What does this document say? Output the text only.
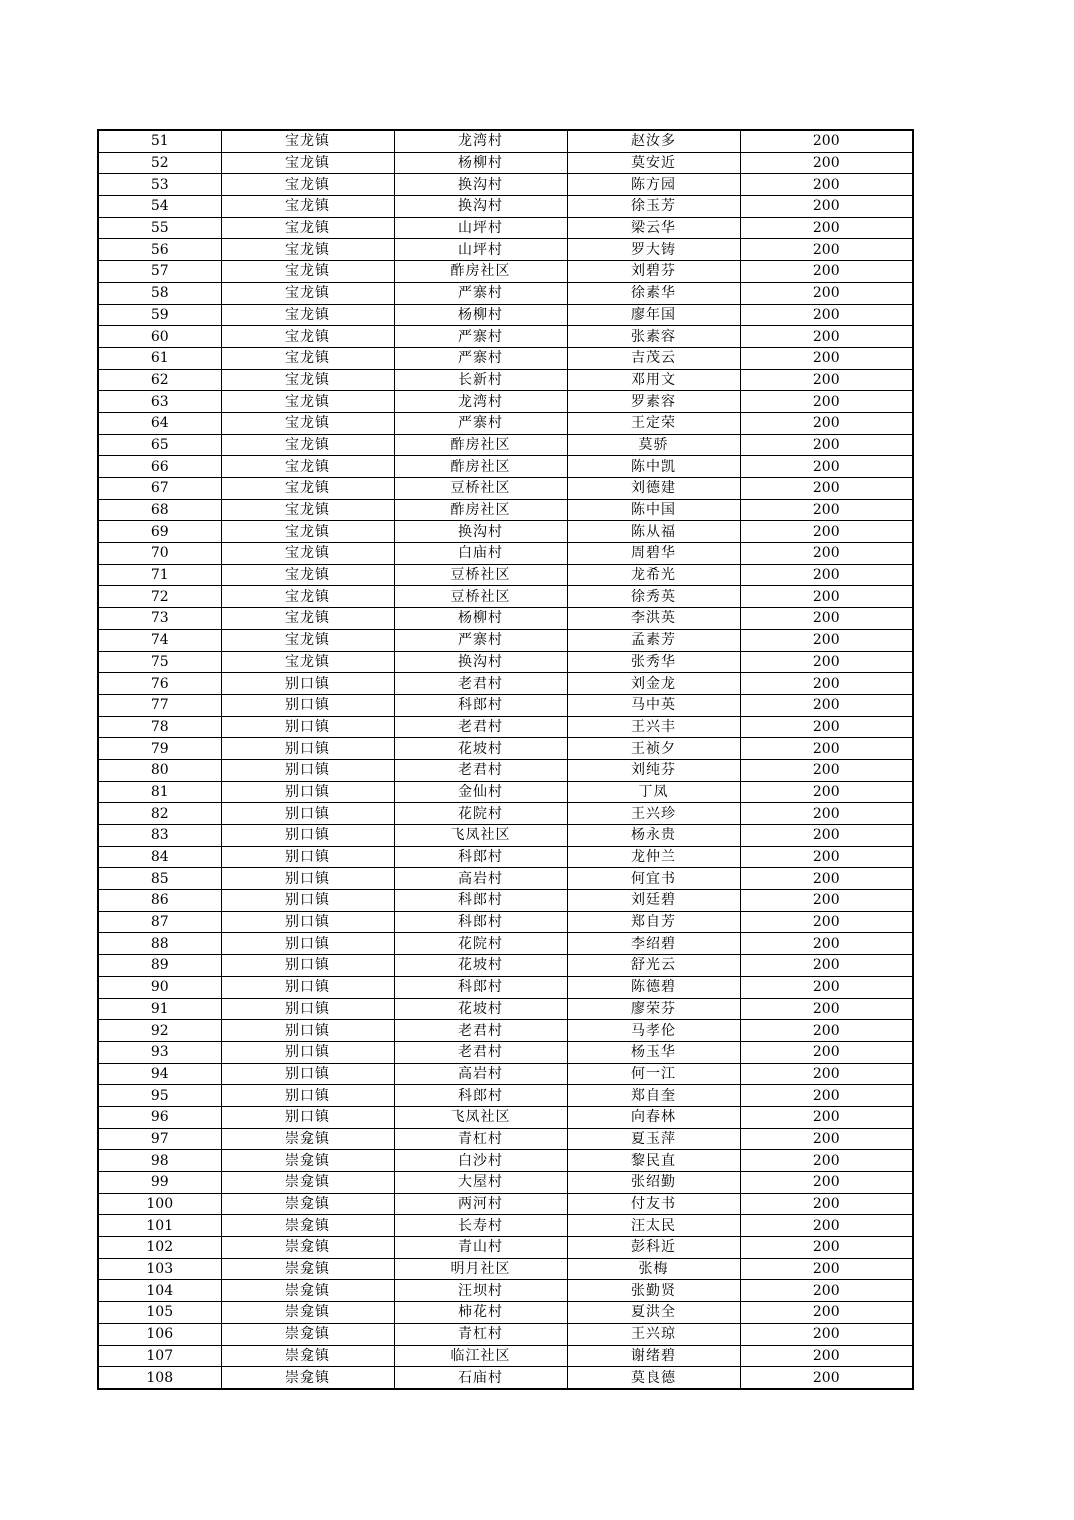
51	宝龙镇	龙湾村	赵汝多	200
52	宝龙镇	杨柳村	莫安近	200
53	宝龙镇	换沟村	陈方园	200
54	宝龙镇	换沟村	徐玉芳	200
55	宝龙镇	山坪村	梁云华	200
56	宝龙镇	山坪村	罗大铸	200
57	宝龙镇	酢房社区	刘碧芬	200
58	宝龙镇	严寨村	徐素华	200
59	宝龙镇	杨柳村	廖年国	200
60	宝龙镇	严寨村	张素容	200
61	宝龙镇	严寨村	吉茂云	200
62	宝龙镇	长新村	邓用文	200
63	宝龙镇	龙湾村	罗素容	200
64	宝龙镇	严寨村	王定荣	200
65	宝龙镇	酢房社区	莫骄	200
66	宝龙镇	酢房社区	陈中凯	200
67	宝龙镇	豆桥社区	刘德建	200
68	宝龙镇	酢房社区	陈中国	200
69	宝龙镇	换沟村	陈从福	200
70	宝龙镇	白庙村	周碧华	200
71	宝龙镇	豆桥社区	龙希光	200
72	宝龙镇	豆桥社区	徐秀英	200
73	宝龙镇	杨柳村	李洪英	200
74	宝龙镇	严寨村	孟素芳	200
75	宝龙镇	换沟村	张秀华	200
76	别口镇	老君村	刘金龙	200
77	别口镇	科郎村	马中英	200
78	别口镇	老君村	王兴丰	200
79	别口镇	花坡村	王祯夕	200
80	别口镇	老君村	刘纯芬	200
81	别口镇	金仙村	丁凤	200
82	别口镇	花院村	王兴珍	200
83	别口镇	飞凤社区	杨永贵	200
84	别口镇	科郎村	龙仲兰	200
85	别口镇	高岩村	何宜书	200
86	别口镇	科郎村	刘廷碧	200
87	别口镇	科郎村	郑自芳	200
88	别口镇	花院村	李绍碧	200
89	别口镇	花坡村	舒光云	200
90	别口镇	科郎村	陈德碧	200
91	别口镇	花坡村	廖荣芬	200
92	别口镇	老君村	马孝伦	200
93	别口镇	老君村	杨玉华	200
94	别口镇	高岩村	何一江	200
95	别口镇	科郎村	郑自奎	200
96	别口镇	飞凤社区	向春林	200
97	崇龛镇	青杠村	夏玉萍	200
98	崇龛镇	白沙村	黎民直	200
99	崇龛镇	大屋村	张绍勤	200
100	崇龛镇	两河村	付友书	200
101	崇龛镇	长寿村	汪太民	200
102	崇龛镇	青山村	彭科近	200
103	崇龛镇	明月社区	张梅	200
104	崇龛镇	汪坝村	张勤贤	200
105	崇龛镇	柿花村	夏洪全	200
106	崇龛镇	青杠村	王兴琼	200
107	崇龛镇	临江社区	谢绪碧	200
108	崇龛镇	石庙村	莫良德	200
